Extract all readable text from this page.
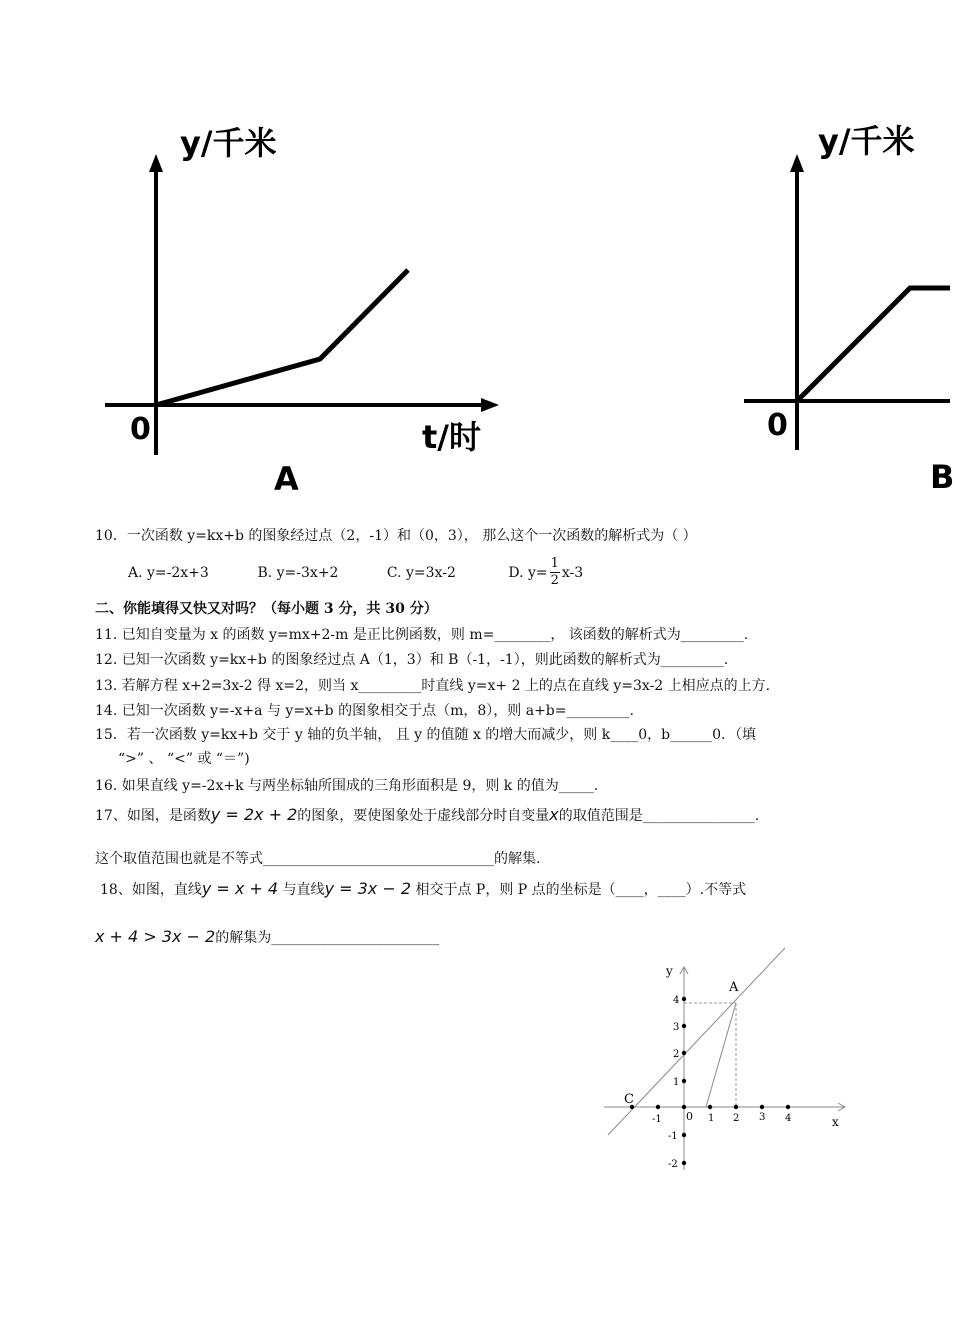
y/千米
0	t/时
A
y/千米
0
B
10．一次函数 y=kx+b 的图象经过点（2，-1）和（0，3）， 那么这个一次函数的解析式为（ ）
A. y=-2x+3	B. y=-3x+2	C. y=3x-2	D. $y= \frac{1}{2} x-3$
二、你能填得又快又对吗？（每小题 3 分，共 30 分）
11. 已知自变量为 x 的函数 y=mx+2-m 是正比例函数，则 m=________， 该函数的解析式为_________.
12. 已知一次函数 y=kx+b 的图象经过点 A（1，3）和 B（-1，-1），则此函数的解析式为_________.
13. 若解方程 x+2=3x-2 得 x=2，则当 x_________时直线 y=x+ 2 上的点在直线 y=3x-2 上相应点的上方.
14. 已知一次函数 y=-x+a 与 y=x+b 的图象相交于点（m，8），则 a+b=_________.
15．若一次函数 y=kx+b 交于 y 轴的负半轴， 且 y 的值随 x 的增大而减少，则 k____0，b______0．（填
“>” 、 “<” 或 “＝”)
16. 如果直线 y=-2x+k 与两坐标轴所围成的三角形面积是 9，则 k 的值为_____.
17、如图，是函数y = 2x + 2的图象，要使图象处于虚线部分时自变量x的取值范围是________________.
这个取值范围也就是不等式_________________________________的解集.
18、如图，直线y = x + 4 与直线y = 3x − 2 相交于点 P，则 P 点的坐标是（____，____）.不等式
x + 4 > 3x − 2的解集为________________________
y
x
A
C
0
-1	1 2 3 4
4
3
2
1
-1
-2
